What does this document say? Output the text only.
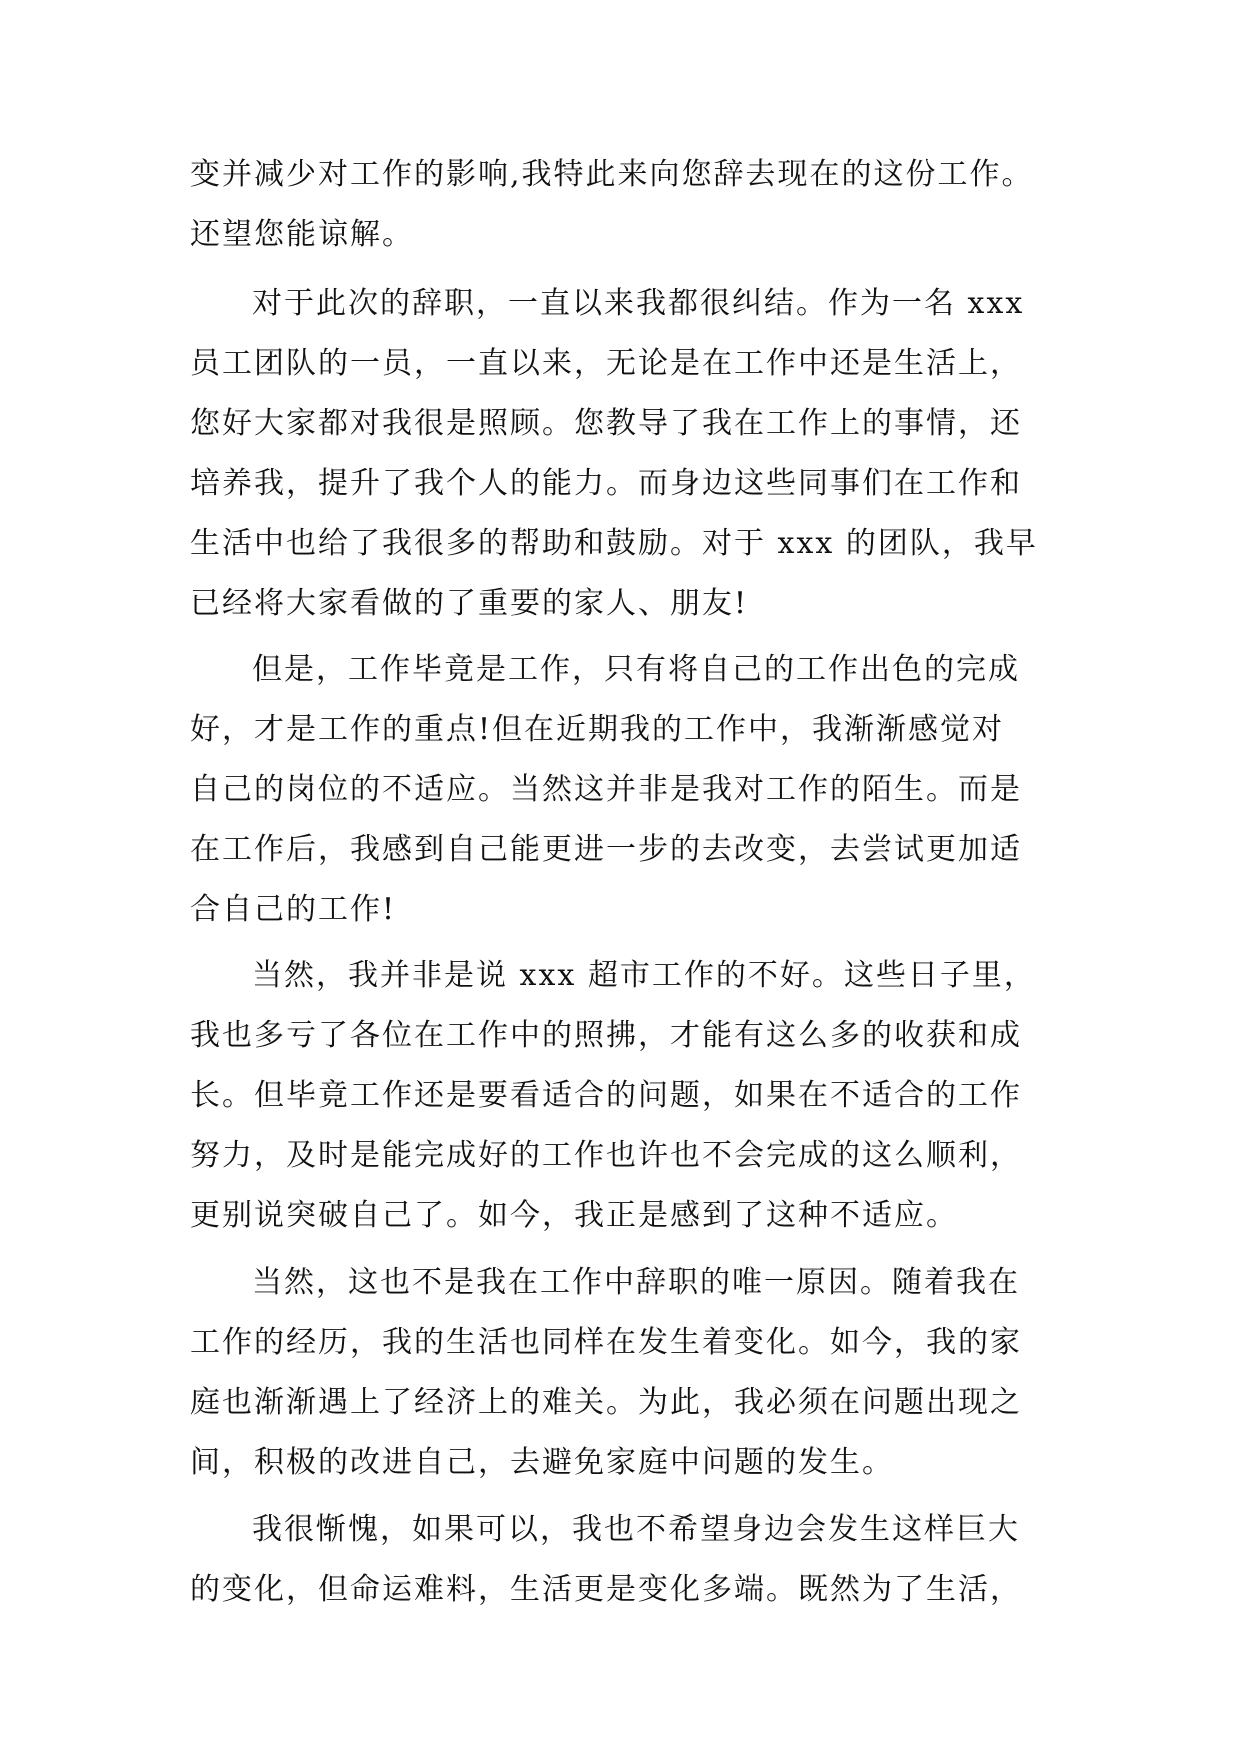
变并减少对工作的影响,我特此来向您辞去现在的这份工作。
还望您能谅解。
对于此次的辞职，一直以来我都很纠结。作为一名 xxx
员工团队的一员，一直以来，无论是在工作中还是生活上，
您好大家都对我很是照顾。您教导了我在工作上的事情，还
培养我，提升了我个人的能力。而身边这些同事们在工作和
生活中也给了我很多的帮助和鼓励。对于 xxx 的团队，我早
已经将大家看做的了重要的家人、朋友!
但是，工作毕竟是工作，只有将自己的工作出色的完成
好，才是工作的重点!但在近期我的工作中，我渐渐感觉对
自己的岗位的不适应。当然这并非是我对工作的陌生。而是
在工作后，我感到自己能更进一步的去改变，去尝试更加适
合自己的工作!
当然，我并非是说 xxx 超市工作的不好。这些日子里，
我也多亏了各位在工作中的照拂，才能有这么多的收获和成
长。但毕竟工作还是要看适合的问题，如果在不适合的工作
努力，及时是能完成好的工作也许也不会完成的这么顺利，
更别说突破自己了。如今，我正是感到了这种不适应。
当然，这也不是我在工作中辞职的唯一原因。随着我在
工作的经历，我的生活也同样在发生着变化。如今，我的家
庭也渐渐遇上了经济上的难关。为此，我必须在问题出现之
间，积极的改进自己，去避免家庭中问题的发生。
我很惭愧，如果可以，我也不希望身边会发生这样巨大
的变化，但命运难料，生活更是变化多端。既然为了生活，
